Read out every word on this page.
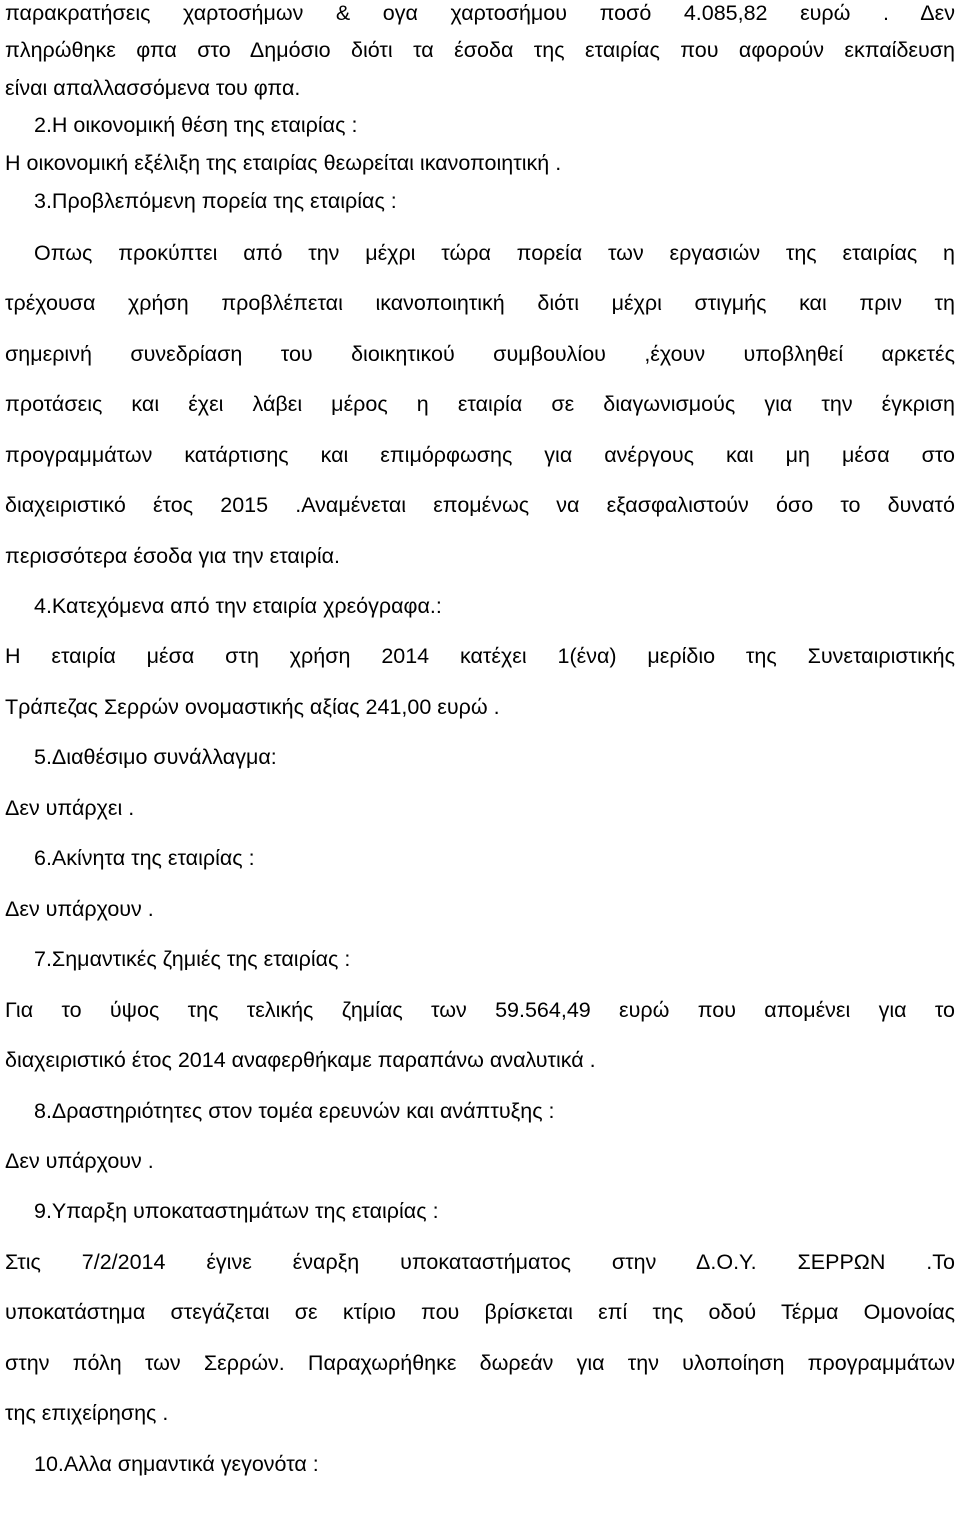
παρακρατήσεις χαρτοσήμων & ογα χαρτοσήμου ποσό 4.085,82 ευρώ . Δεν
πληρώθηκε φπα στο Δημόσιο διότι τα έσοδα της εταιρίας που αφορούν εκπαίδευση
είναι απαλλασσόμενα του φπα.
2.Η οικονομική θέση της εταιρίας :
Η οικονομική εξέλιξη της εταιρίας θεωρείται ικανοποιητική .
3.Προβλεπόμενη πορεία της εταιρίας :
Οπως προκύπτει από την μέχρι τώρα πορεία των εργασιών της εταιρίας η
τρέχουσα χρήση προβλέπεται ικανοποιητική διότι μέχρι στιγμής και πριν τη
σημερινή συνεδρίαση του διοικητικού συμβουλίου ,έχουν υποβληθεί αρκετές
προτάσεις και έχει λάβει μέρος η εταιρία σε διαγωνισμούς για την έγκριση
προγραμμάτων κατάρτισης και επιμόρφωσης για ανέργους και μη μέσα στο
διαχειριστικό έτος 2015 .Αναμένεται επομένως να εξασφαλιστούν όσο το δυνατό
περισσότερα έσοδα για την εταιρία.
4.Κατεχόμενα από την εταιρία χρεόγραφα.:
Η εταιρία μέσα στη χρήση 2014 κατέχει 1(ένα) μερίδιο της Συνεταιριστικής
Τράπεζας Σερρών ονομαστικής αξίας 241,00 ευρώ .
5.Διαθέσιμο συνάλλαγμα:
Δεν υπάρχει .
6.Ακίνητα της εταιρίας :
Δεν υπάρχουν .
7.Σημαντικές ζημιές της εταιρίας :
Για το ύψος της τελικής ζημίας των 59.564,49 ευρώ που απομένει για το
διαχειριστικό έτος 2014 αναφερθήκαμε παραπάνω αναλυτικά .
8.Δραστηριότητες στον τομέα ερευνών και ανάπτυξης :
Δεν υπάρχουν .
9.Υπαρξη υποκαταστημάτων της εταιρίας :
Στις 7/2/2014 έγινε έναρξη υποκαταστήματος στην Δ.Ο.Υ. ΣΕΡΡΩΝ .Το
υποκατάστημα στεγάζεται σε κτίριο που βρίσκεται επί της οδού Τέρμα Ομονοίας
στην πόλη των Σερρών. Παραχωρήθηκε δωρεάν για την υλοποίηση προγραμμάτων
της επιχείρησης .
10.Αλλα σημαντικά γεγονότα :
